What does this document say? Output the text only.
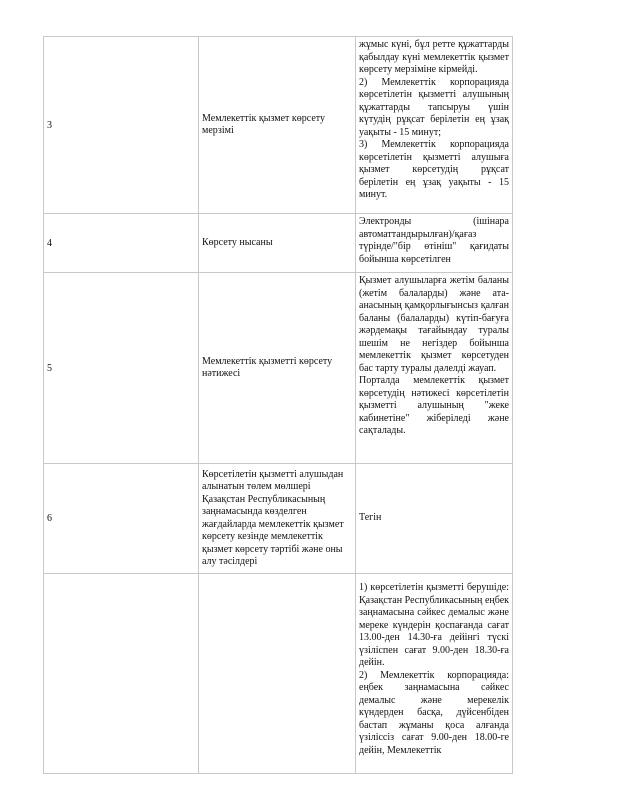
3	Мемлекеттік қызмет көрсету мерзімі	жұмыс күні, бұл ретте құжаттарды қабылдау күні мемлекеттік қызмет көрсету мерзіміне кірмейді.
2) Мемлекеттік корпорацияда көрсетілетін қызметті алушының құжаттарды тапсыруы үшін күтудің рұқсат берілетін ең ұзақ уақыты - 15 минут;
3) Мемлекеттік корпорацияда көрсетілетін қызметті алушыға қызмет көрсетудің рұқсат берілетін ең ұзақ уақыты - 15 минут.

4	Көрсету нысаны	Электронды (ішінара автоматтандырылған)/қағаз түрінде/"бір өтініш" қағидаты бойынша көрсетілген

5	Мемлекеттік қызметті көрсету нәтижесі	Қызмет алушыларға жетім баланы (жетім балаларды) және ата-анасының қамқорлығынсыз қалған баланы (балаларды) күтіп-бағуға жәрдемақы тағайындау туралы шешім не негіздер бойынша мемлекеттік қызмет көрсетуден бас тарту туралы дәлелді жауап.
Порталда мемлекеттік қызмет көрсетудің нәтижесі көрсетілетін қызметті алушының "жеке кабинетіне" жіберіледі және сақталады.

6	Көрсетілетін қызметті алушыдан алынатын төлем мөлшері Қазақстан Республикасының заңнамасында көзделген жағдайларда мемлекеттік қызмет көрсету кезінде мемлекеттік қызмет көрсету тәртібі және оны алу тәсілдері	Тегін

		1) көрсетілетін қызметті берушіде: Қазақстан Республикасының еңбек заңнамасына сәйкес демалыс және мереке күндерін қоспағанда сағат 13.00-ден 14.30-ға дейінгі түскі үзіліспен сағат 9.00-ден 18.30-ға дейін.
2) Мемлекеттік корпорацияда: еңбек заңнамасына сәйкес демалыс және мерекелік күндерден басқа, дүйсенбіден бастап жұманы қоса алғанда үзіліссіз сағат 9.00-ден 18.00-ге дейін, Мемлекеттік
